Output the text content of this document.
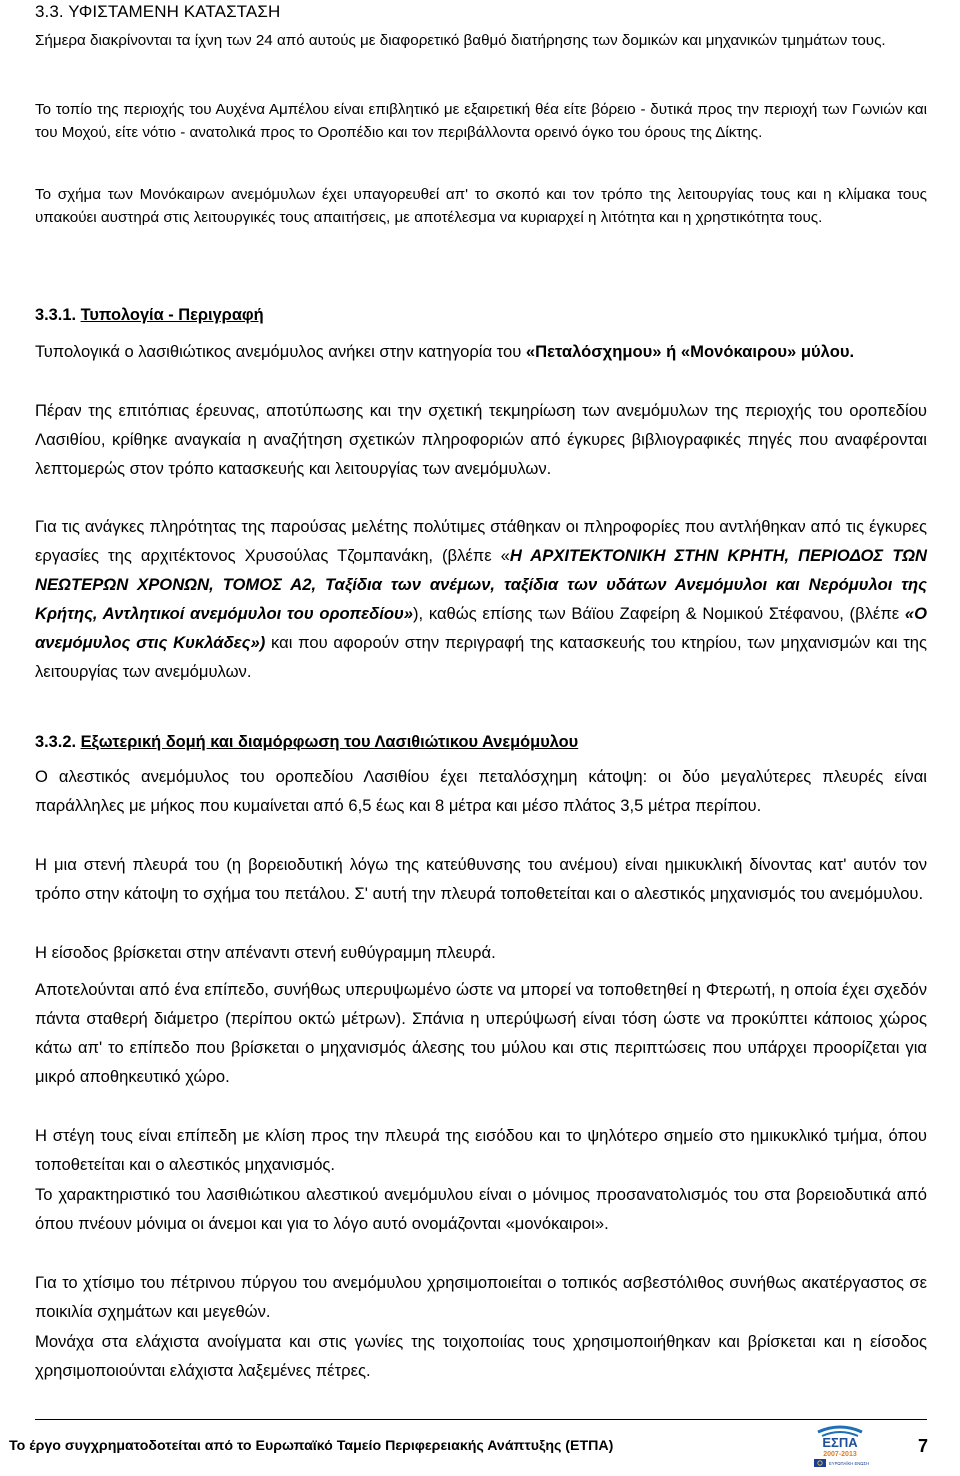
3.3. ΥΦΙΣΤΑΜΕΝΗ ΚΑΤΑΣΤΑΣΗ
Σήμερα διακρίνονται τα ίχνη των 24 από αυτούς με διαφορετικό βαθμό διατήρησης των δομικών και μηχανικών τμημάτων τους.
Το τοπίο της περιοχής του Αυχένα Αμπέλου είναι επιβλητικό με εξαιρετική θέα είτε βόρειο - δυτικά προς την περιοχή των Γωνιών και του Μοχού, είτε νότιο - ανατολικά προς το Οροπέδιο και τον περιβάλλοντα ορεινό όγκο του όρους της Δίκτης.
Το σχήμα των Μονόκαιρων ανεμόμυλων έχει υπαγορευθεί απ' το σκοπό και τον τρόπο της λειτουργίας τους και η κλίμακα τους υπακούει αυστηρά στις λειτουργικές τους απαιτήσεις, με αποτέλεσμα να κυριαρχεί η λιτότητα και η χρηστικότητα τους.
3.3.1. Τυπολογία - Περιγραφή
Τυπολογικά ο λασιθιώτικος ανεμόμυλος ανήκει στην κατηγορία του «Πεταλόσχημου» ή «Μονόκαιρου» μύλου.
Πέραν της επιτόπιας έρευνας, αποτύπωσης και την σχετική τεκμηρίωση των ανεμόμυλων της περιοχής του οροπεδίου Λασιθίου, κρίθηκε αναγκαία η αναζήτηση σχετικών πληροφοριών από έγκυρες βιβλιογραφικές πηγές που αναφέρονται λεπτομερώς στον τρόπο κατασκευής και λειτουργίας των ανεμόμυλων.
Για τις ανάγκες πληρότητας της παρούσας μελέτης πολύτιμες στάθηκαν οι πληροφορίες που αντλήθηκαν από τις έγκυρες εργασίες της αρχιτέκτονος Χρυσούλας Τζομπανάκη, (βλέπε «Η ΑΡΧΙΤΕΚΤΟΝΙΚΗ ΣΤΗΝ ΚΡΗΤΗ, ΠΕΡΙΟΔΟΣ ΤΩΝ ΝΕΩΤΕΡΩΝ ΧΡΟΝΩΝ, ΤΟΜΟΣ Α2, Ταξίδια των ανέμων, ταξίδια των υδάτων Ανεμόμυλοι και Νερόμυλοι της Κρήτης, Αντλητικοί ανεμόμυλοι του οροπεδίου»), καθώς επίσης των Βάϊου Ζαφείρη & Νομικού Στέφανου, (βλέπε «Ο ανεμόμυλος στις Κυκλάδες») και που αφορούν στην περιγραφή της κατασκευής του κτηρίου, των μηχανισμών και της λειτουργίας των ανεμόμυλων.
3.3.2. Εξωτερική δομή και διαμόρφωση του Λασιθιώτικου Ανεμόμυλου
Ο αλεστικός ανεμόμυλος του οροπεδίου Λασιθίου έχει πεταλόσχημη κάτοψη: οι δύο μεγαλύτερες πλευρές είναι παράλληλες με μήκος που κυμαίνεται από 6,5 έως και 8 μέτρα και μέσο πλάτος 3,5 μέτρα περίπου.
Η μια στενή πλευρά του (η βορειοδυτική λόγω της κατεύθυνσης του ανέμου) είναι ημικυκλική δίνοντας κατ' αυτόν τον τρόπο στην κάτοψη το σχήμα του πετάλου. Σ' αυτή την πλευρά τοποθετείται και ο αλεστικός μηχανισμός του ανεμόμυλου.
Η είσοδος βρίσκεται στην απέναντι στενή ευθύγραμμη πλευρά.
Αποτελούνται από ένα επίπεδο, συνήθως υπερυψωμένο ώστε να μπορεί να τοποθετηθεί η Φτερωτή, η οποία έχει σχεδόν πάντα σταθερή διάμετρο (περίπου οκτώ μέτρων). Σπάνια η υπερύψωσή είναι τόση ώστε να προκύπτει κάποιος χώρος κάτω απ' το επίπεδο που βρίσκεται ο μηχανισμός άλεσης του μύλου και στις περιπτώσεις που υπάρχει προορίζεται για μικρό αποθηκευτικό χώρο.
Η στέγη τους είναι επίπεδη με κλίση προς την πλευρά της εισόδου και το ψηλότερο σημείο στο ημικυκλικό τμήμα, όπου τοποθετείται και ο αλεστικός μηχανισμός.
Το χαρακτηριστικό του λασιθιώτικου αλεστικού ανεμόμυλου είναι ο μόνιμος προσανατολισμός του στα βορειοδυτικά από όπου πνέουν μόνιμα οι άνεμοι και για το λόγο αυτό ονομάζονται «μονόκαιροι».
Για το χτίσιμο του πέτρινου πύργου του ανεμόμυλου χρησιμοποιείται ο τοπικός ασβεστόλιθος συνήθως ακατέργαστος σε ποικιλία σχημάτων και μεγεθών.
Μονάχα στα ελάχιστα ανοίγματα και στις γωνίες της τοιχοποιίας τους χρησιμοποιήθηκαν και βρίσκεται και η είσοδος χρησιμοποιούνται ελάχιστα λαξεμένες πέτρες.
Το έργο συγχρηματοδοτείται από το Ευρωπαϊκό Ταμείο Περιφερειακής Ανάπτυξης (ΕΤΠΑ)	ΕΣΠΑ
2007-2013
ΕΥΡΩΠΑΪΚΗ ΕΝΩΣΗ
7
